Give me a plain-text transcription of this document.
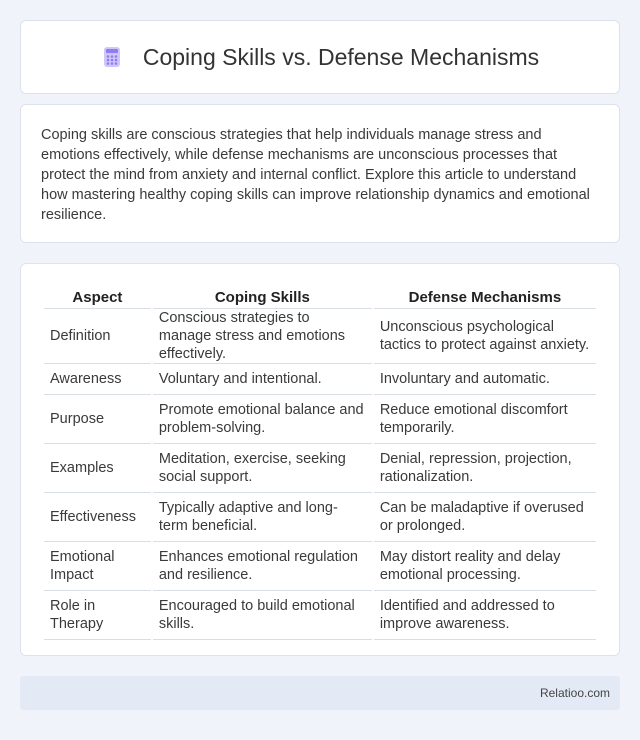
Coping Skills vs. Defense Mechanisms

Coping skills are conscious strategies that help individuals manage stress and emotions effectively, while defense mechanisms are unconscious processes that protect the mind from anxiety and internal conflict. Explore this article to understand how mastering healthy coping skills can improve relationship dynamics and emotional resilience.

Aspect	Coping Skills	Defense Mechanisms
Definition	Conscious strategies to manage stress and emotions effectively.	Unconscious psychological tactics to protect against anxiety.
Awareness	Voluntary and intentional.	Involuntary and automatic.
Purpose	Promote emotional balance and problem-solving.	Reduce emotional discomfort temporarily.
Examples	Meditation, exercise, seeking social support.	Denial, repression, projection, rationalization.
Effectiveness	Typically adaptive and long-term beneficial.	Can be maladaptive if overused or prolonged.
Emotional Impact	Enhances emotional regulation and resilience.	May distort reality and delay emotional processing.
Role in Therapy	Encouraged to build emotional skills.	Identified and addressed to improve awareness.
Relatioo.com
